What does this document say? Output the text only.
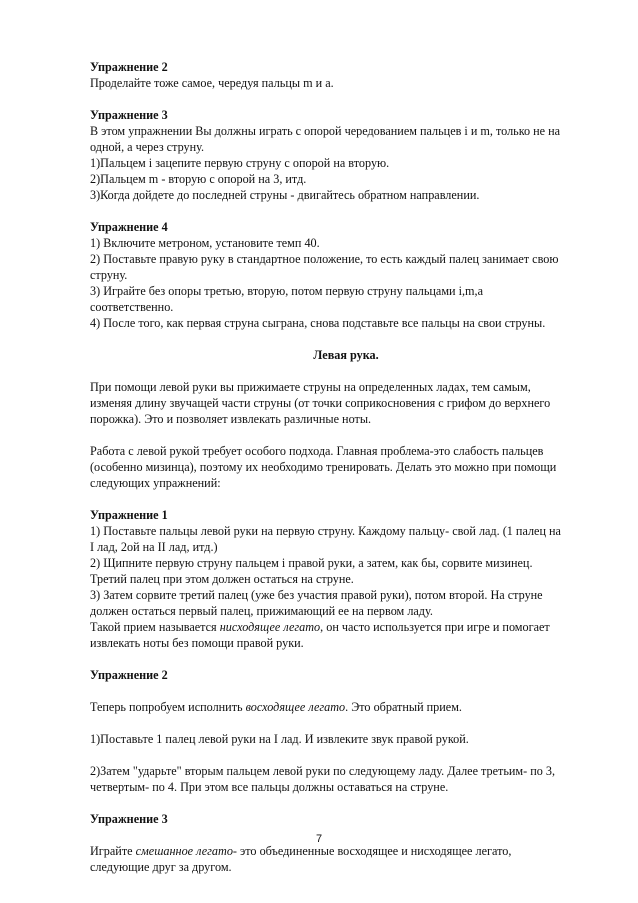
Упражнение 2
Проделайте тоже самое, чередуя пальцы m и а.
Упражнение 3
В этом упражнении Вы должны играть с опорой чередованием пальцев i и m, только не на
одной, а через струну.
1)Пальцем i зацепите первую струну с опорой на вторую.
2)Пальцем m - вторую с опорой на 3, итд.
3)Когда дойдете до последней струны - двигайтесь обратном направлении.
Упражнение 4
1) Включите метроном, установите темп 40.
2) Поставьте правую руку в стандартное положение, то есть каждый палец занимает свою
струну.
3) Играйте без опоры третью, вторую, потом первую струну пальцами i,m,a
соответственно.
4) После того, как первая струна сыграна, снова подставьте все пальцы на свои струны.
Левая рука.
При помощи левой руки вы прижимаете струны на определенных ладах, тем самым,
изменяя длину звучащей части струны (от точки соприкосновения с грифом до верхнего
порожка). Это и позволяет извлекать различные ноты.
Работа с левой рукой требует особого подхода. Главная проблема-это слабость пальцев
(особенно мизинца), поэтому их необходимо тренировать. Делать это можно при помощи
следующих упражнений:
Упражнение 1
1) Поставьте пальцы левой руки на первую струну. Каждому пальцу- свой лад. (1 палец на
I лад, 2ой на II лад, итд.)
2) Щипните первую струну пальцем i правой руки, а затем, как бы, сорвите мизинец.
Третий палец при этом должен остаться на струне.
3) Затем сорвите третий палец (уже без участия правой руки), потом второй. На струне
должен остаться первый палец, прижимающий ее на первом ладу.
Такой прием называется нисходящее легато, он часто используется при игре и помогает
извлекать ноты без помощи правой руки.
Упражнение 2
Теперь попробуем исполнить восходящее легато. Это обратный прием.
1)Поставьте 1 палец левой руки на I лад. И извлеките звук правой рукой.
2)Затем "ударьте" вторым пальцем левой руки по следующему ладу. Далее третьим- по 3,
четвертым- по 4. При этом все пальцы должны оставаться на струне.
Упражнение 3
Играйте смешанное легато- это объединенные восходящее и нисходящее легато,
следующие друг за другом.
7
